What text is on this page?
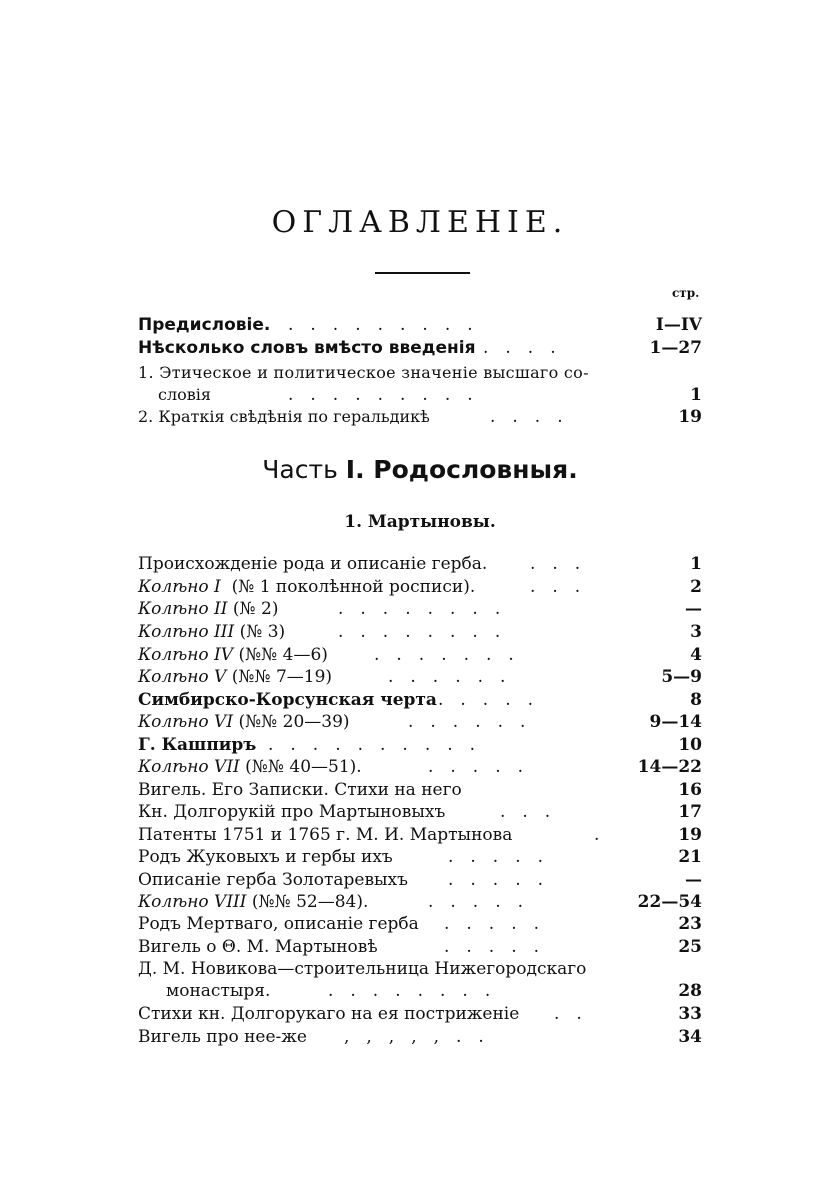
ОГЛАВЛЕНІЕ.
стр.
Предисловіе. .........	I—IV
Нѣсколько словъ вмѣсто введенія ....	1—27
1. Этическое и политическое значеніе высшаго со-
словія	.........	1
2. Краткія свѣдѣнія по геральдикѣ	....	19
Часть I. Родословныя.
1. Мартыновы.
Происхожденіе рода и описаніе герба.	...	1
Колѣно I (№ 1 поколѣнной росписи).	...	2
Колѣно II (№ 2)	........	—
Колѣно III (№ 3)	........	3
Колѣно IV (№№ 4—6)	.......	4
Колѣно V (№№ 7—19)	......	5—9
Симбирско-Корсунская черта .....	8
Колѣно VI (№№ 20—39)	......	9—14
Г. Кашпиръ ..........	10
Колѣно VII (№№ 40—51).	.....	14—22
Вигель. Его Записки. Стихи на него	16
Кн. Долгорукій про Мартыновыхъ	...	17
Патенты 1751 и 1765 г. М. И. Мартынова	.	19
Родъ Жуковыхъ и гербы ихъ	.....	21
Описаніе герба Золотаревыхъ .....	—
Колѣно VIII (№№ 52—84).	.....	22—54
Родъ Мертваго, описаніе герба .....	23
Вигель о Θ. М. Мартыновѣ	.....	25
Д. М. Новикова—строительница Нижегородскаго
монастыря.	........	28
Стихи кн. Долгорукаго на ея постриженіе ..	33
Вигель про нее-же ,,,,,..	34
